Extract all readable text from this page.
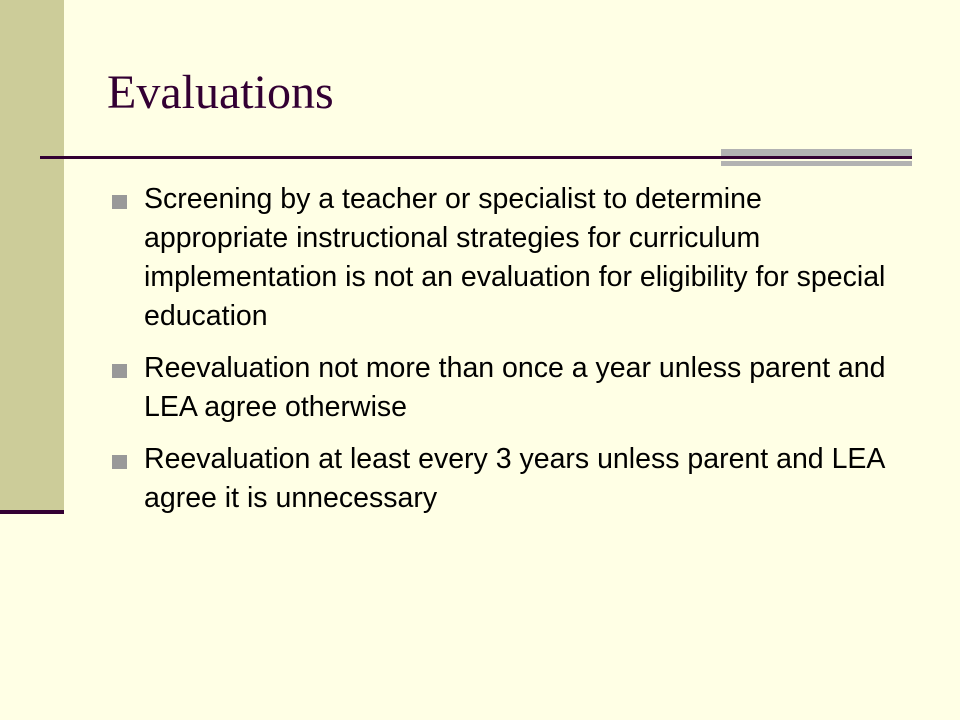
Evaluations
Screening by a teacher or specialist to determine appropriate instructional strategies for curriculum implementation is not an evaluation for eligibility for special education
Reevaluation not more than once a year unless parent and LEA agree otherwise
Reevaluation at least every 3 years unless parent and LEA agree it is unnecessary
